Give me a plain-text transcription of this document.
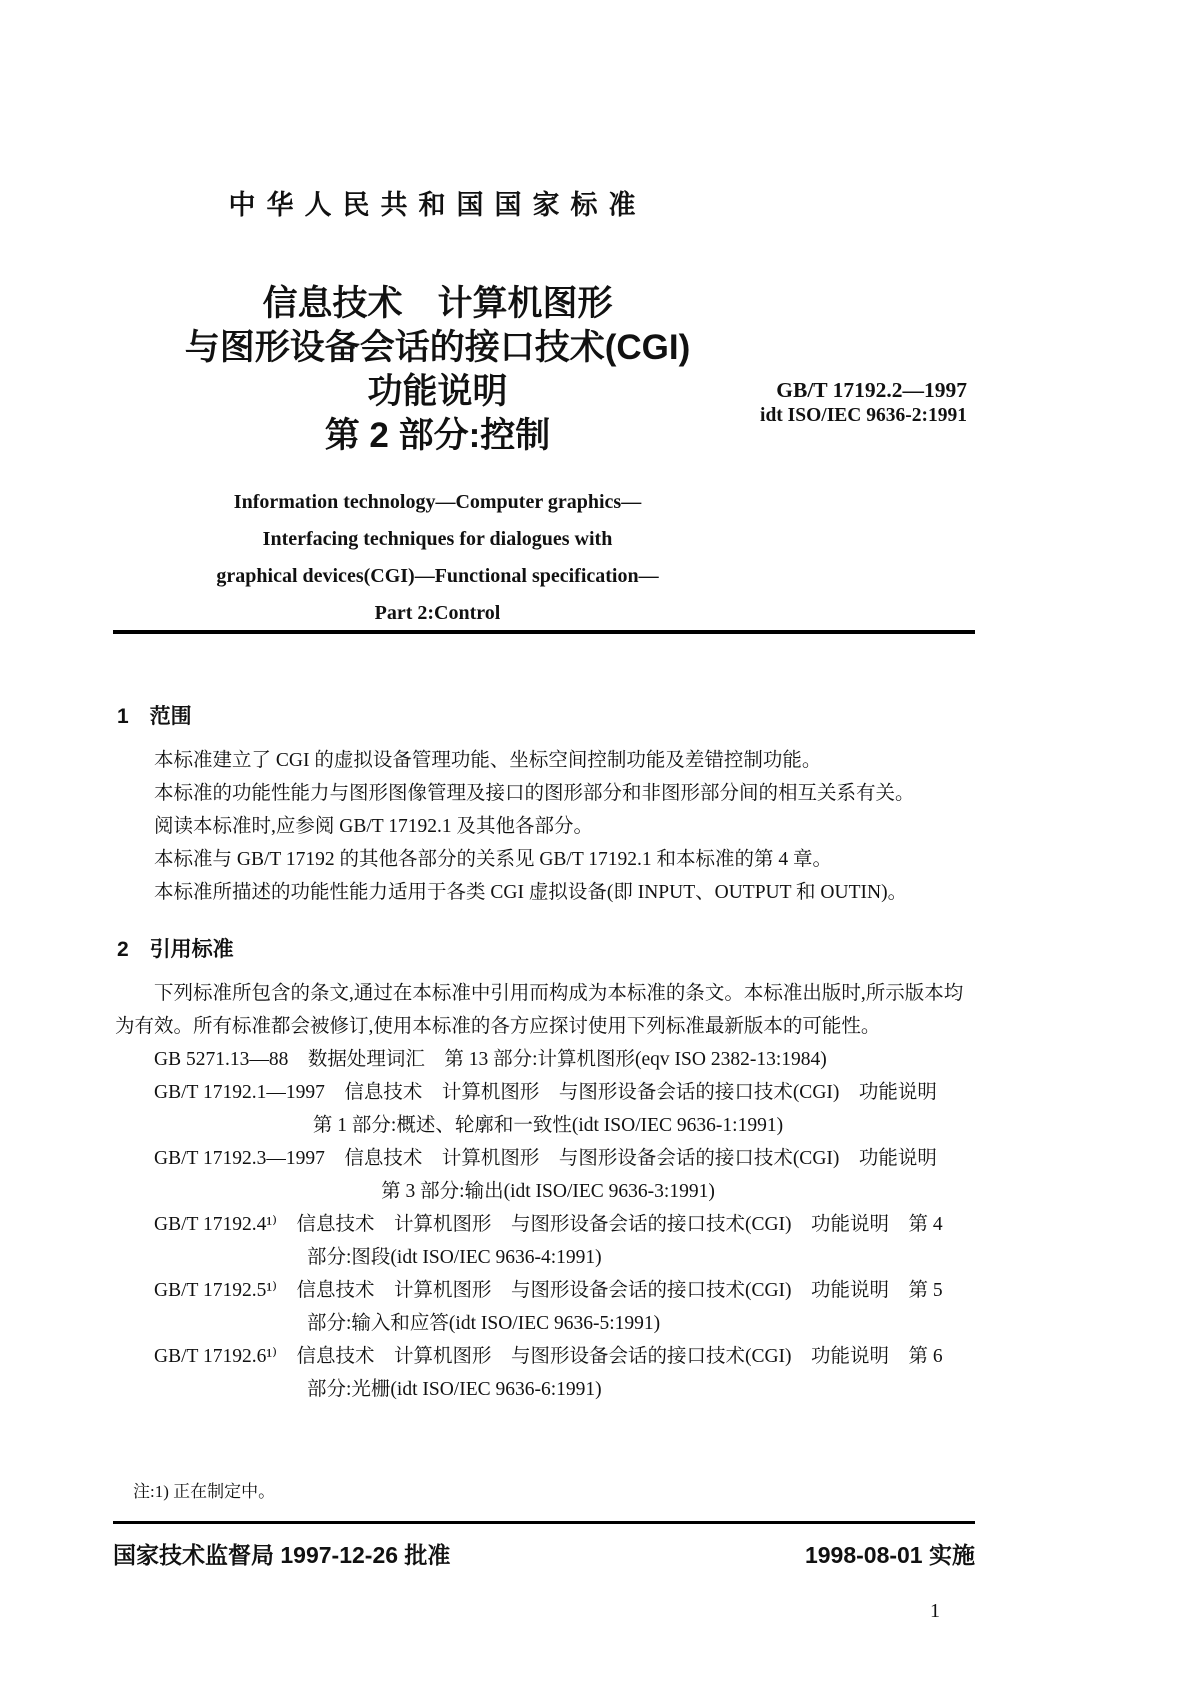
中华人民共和国国家标准
信息技术　计算机图形
与图形设备会话的接口技术(CGI)
功能说明
第 2 部分:控制
Information technology—Computer graphics—
Interfacing techniques for dialogues with
graphical devices(CGI)—Functional specification—
Part 2:Control
GB/T 17192.2—1997
idt ISO/IEC 9636-2:1991
1　范围

本标准建立了 CGI 的虚拟设备管理功能、坐标空间控制功能及差错控制功能。

本标准的功能性能力与图形图像管理及接口的图形部分和非图形部分间的相互关系有关。

阅读本标准时,应参阅 GB/T 17192.1 及其他各部分。

本标准与 GB/T 17192 的其他各部分的关系见 GB/T 17192.1 和本标准的第 4 章。

本标准所描述的功能性能力适用于各类 CGI 虚拟设备(即 INPUT、OUTPUT 和 OUTIN)。

2　引用标准

下列标准所包含的条文,通过在本标准中引用而构成为本标准的条文。本标准出版时,所示版本均为有效。所有标准都会被修订,使用本标准的各方应探讨使用下列标准最新版本的可能性。

GB 5271.13—88　数据处理词汇　第 13 部分:计算机图形(eqv ISO 2382-13:1984)
GB/T 17192.1—1997　信息技术　计算机图形　与图形设备会话的接口技术(CGI)　功能说明
第 1 部分:概述、轮廓和一致性(idt ISO/IEC 9636-1:1991)
GB/T 17192.3—1997　信息技术　计算机图形　与图形设备会话的接口技术(CGI)　功能说明
第 3 部分:输出(idt ISO/IEC 9636-3:1991)
GB/T 17192.4¹⁾　信息技术　计算机图形　与图形设备会话的接口技术(CGI)　功能说明　第 4
部分:图段(idt ISO/IEC 9636-4:1991)
GB/T 17192.5¹⁾　信息技术　计算机图形　与图形设备会话的接口技术(CGI)　功能说明　第 5
部分:输入和应答(idt ISO/IEC 9636-5:1991)
GB/T 17192.6¹⁾　信息技术　计算机图形　与图形设备会话的接口技术(CGI)　功能说明　第 6
部分:光栅(idt ISO/IEC 9636-6:1991)
注:1) 正在制定中。
国家技术监督局 1997-12-26 批准	1998-08-01 实施
1
